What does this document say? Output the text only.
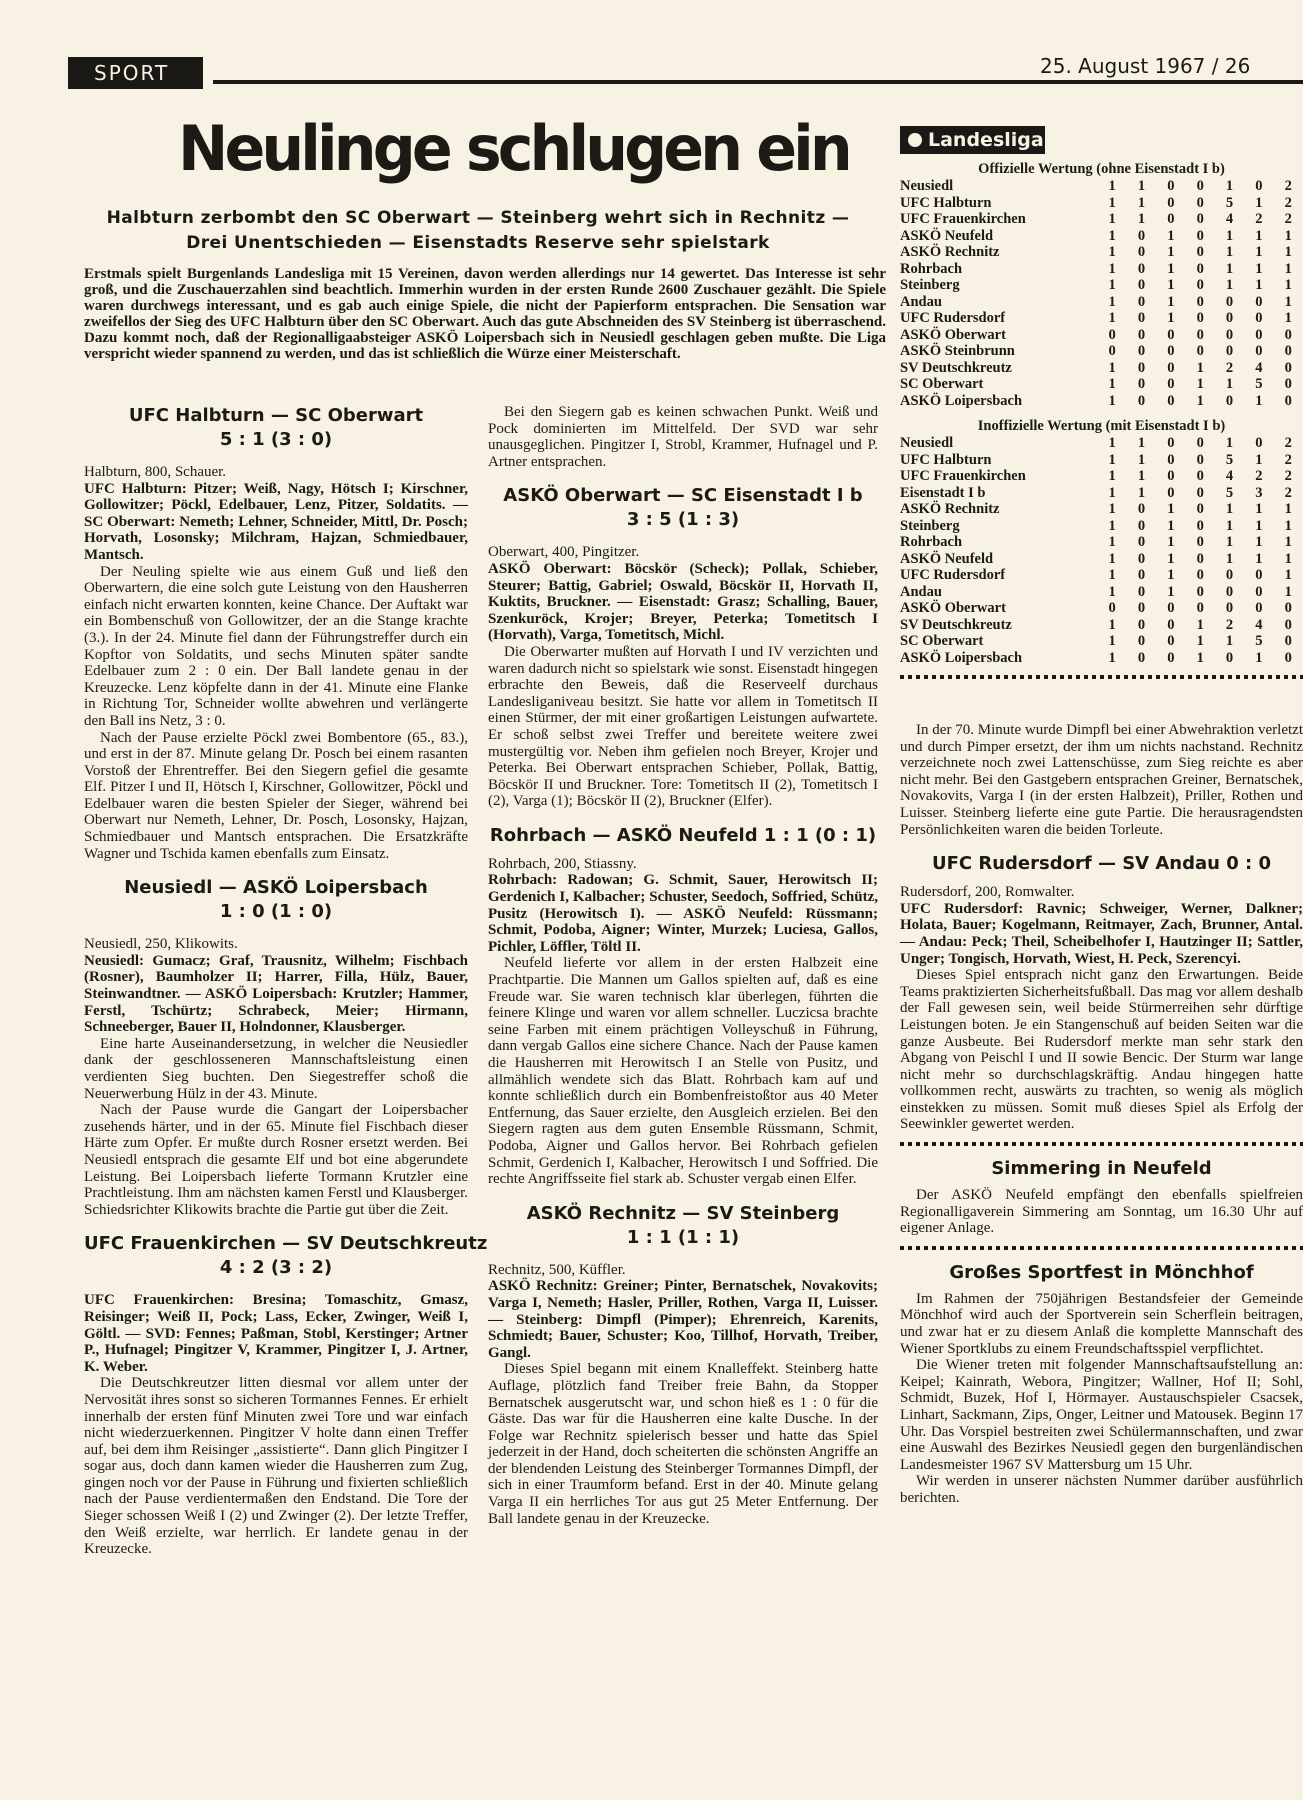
SPORT	25. August 1967 / 26
Neulinge schlugen ein
Halbturn zerbombt den SC Oberwart — Steinberg wehrt sich in Rechnitz —
Drei Unentschieden — Eisenstadts Reserve sehr spielstark

Erstmals spielt Burgenlands Landesliga mit 15 Vereinen, davon werden allerdings nur 14 gewertet. Das Interesse ist sehr groß, und die Zuschauerzahlen sind beachtlich. Immerhin wurden in der ersten Runde 2600 Zuschauer gezählt. Die Spiele waren durchwegs interessant, und es gab auch einige Spiele, die nicht der Papierform entsprachen. Die Sensation war zweifellos der Sieg des UFC Halbturn über den SC Oberwart. Auch das gute Abschneiden des SV Steinberg ist überraschend. Dazu kommt noch, daß der Regionalligaabsteiger ASKÖ Loipersbach sich in Neusiedl geschlagen geben mußte. Die Liga verspricht wieder spannend zu werden, und das ist schließlich die Würze einer Meisterschaft.

UFC Halbturn — SC Oberwart
5 : 1 (3 : 0)

Halbturn, 800, Schauer.

UFC Halbturn: Pitzer; Weiß, Nagy, Hötsch I; Kirschner, Gollowitzer; Pöckl, Edelbauer, Lenz, Pitzer, Soldatits. — SC Oberwart: Nemeth; Lehner, Schneider, Mittl, Dr. Posch; Horvath, Losonsky; Milchram, Hajzan, Schmiedbauer, Mantsch.

Der Neuling spielte wie aus einem Guß und ließ den Oberwartern, die eine solch gute Leistung von den Hausherren einfach nicht erwarten konnten, keine Chance. Der Auftakt war ein Bombenschuß von Gollowitzer, der an die Stange krachte (3.). In der 24. Minute fiel dann der Führungstreffer durch ein Kopftor von Soldatits, und sechs Minuten später sandte Edelbauer zum 2 : 0 ein. Der Ball landete genau in der Kreuzecke. Lenz köpfelte dann in der 41. Minute eine Flanke in Richtung Tor, Schneider wollte abwehren und verlängerte den Ball ins Netz, 3 : 0.

Nach der Pause erzielte Pöckl zwei Bombentore (65., 83.), und erst in der 87. Minute gelang Dr. Posch bei einem rasanten Vorstoß der Ehrentreffer. Bei den Siegern gefiel die gesamte Elf. Pitzer I und II, Hötsch I, Kirschner, Gollowitzer, Pöckl und Edelbauer waren die besten Spieler der Sieger, während bei Oberwart nur Nemeth, Lehner, Dr. Posch, Losonsky, Hajzan, Schmiedbauer und Mantsch entsprachen. Die Ersatzkräfte Wagner und Tschida kamen ebenfalls zum Einsatz.

Neusiedl — ASKÖ Loipersbach
1 : 0 (1 : 0)

Neusiedl, 250, Klikowits.

Neusiedl: Gumacz; Graf, Trausnitz, Wilhelm; Fischbach (Rosner), Baumholzer II; Harrer, Filla, Hülz, Bauer, Steinwandtner. — ASKÖ Loipersbach: Krutzler; Hammer, Ferstl, Tschürtz; Schrabeck, Meier; Hirmann, Schneeberger, Bauer II, Holndonner, Klausberger.

Eine harte Auseinandersetzung, in welcher die Neusiedler dank der geschlosseneren Mannschaftsleistung einen verdienten Sieg buchten. Den Siegestreffer schoß die Neuerwerbung Hülz in der 43. Minute.

Nach der Pause wurde die Gangart der Loipersbacher zusehends härter, und in der 65. Minute fiel Fischbach dieser Härte zum Opfer. Er mußte durch Rosner ersetzt werden. Bei Neusiedl entsprach die gesamte Elf und bot eine abgerundete Leistung. Bei Loipersbach lieferte Tormann Krutzler eine Prachtleistung. Ihm am nächsten kamen Ferstl und Klausberger. Schiedsrichter Klikowits brachte die Partie gut über die Zeit.

UFC Frauenkirchen — SV Deutschkreutz
4 : 2 (3 : 2)

UFC Frauenkirchen: Bresina; Tomaschitz, Gmasz, Reisinger; Weiß II, Pock; Lass, Ecker, Zwinger, Weiß I, Göltl. — SVD: Fennes; Paßman, Stobl, Kerstinger; Artner P., Hufnagel; Pingitzer V, Krammer, Pingitzer I, J. Artner, K. Weber.

Die Deutschkreutzer litten diesmal vor allem unter der Nervosität ihres sonst so sicheren Tormannes Fennes. Er erhielt innerhalb der ersten fünf Minuten zwei Tore und war einfach nicht wiederzuerkennen. Pingitzer V holte dann einen Treffer auf, bei dem ihm Reisinger „assistierte“. Dann glich Pingitzer I sogar aus, doch dann kamen wieder die Hausherren zum Zug, gingen noch vor der Pause in Führung und fixierten schließlich nach der Pause verdientermaßen den Endstand. Die Tore der Sieger schossen Weiß I (2) und Zwinger (2). Der letzte Treffer, den Weiß erzielte, war herrlich. Er landete genau in der Kreuzecke.

Bei den Siegern gab es keinen schwachen Punkt. Weiß und Pock dominierten im Mittelfeld. Der SVD war sehr unausgeglichen. Pingitzer I, Strobl, Krammer, Hufnagel und P. Artner entsprachen.

ASKÖ Oberwart — SC Eisenstadt I b
3 : 5 (1 : 3)

Oberwart, 400, Pingitzer.

ASKÖ Oberwart: Böcskör (Scheck); Pollak, Schieber, Steurer; Battig, Gabriel; Oswald, Böcskör II, Horvath II, Kuktits, Bruckner. — Eisenstadt: Grasz; Schalling, Bauer, Szenkuröck, Krojer; Breyer, Peterka; Tometitsch I (Horvath), Varga, Tometitsch, Michl.

Die Oberwarter mußten auf Horvath I und IV verzichten und waren dadurch nicht so spielstark wie sonst. Eisenstadt hingegen erbrachte den Beweis, daß die Reserveelf durchaus Landesliganiveau besitzt. Sie hatte vor allem in Tometitsch II einen Stürmer, der mit einer großartigen Leistungen aufwartete. Er schoß selbst zwei Treffer und bereitete weitere zwei mustergültig vor. Neben ihm gefielen noch Breyer, Krojer und Peterka. Bei Oberwart entsprachen Schieber, Pollak, Battig, Böcskör II und Bruckner. Tore: Tometitsch II (2), Tometitsch I (2), Varga (1); Böcskör II (2), Bruckner (Elfer).

Rohrbach — ASKÖ Neufeld 1 : 1 (0 : 1)

Rohrbach, 200, Stiassny.

Rohrbach: Radowan; G. Schmit, Sauer, Herowitsch II; Gerdenich I, Kalbacher; Schuster, Seedoch, Soffried, Schütz, Pusitz (Herowitsch I). — ASKÖ Neufeld: Rüssmann; Schmit, Podoba, Aigner; Winter, Murzek; Luciesa, Gallos, Pichler, Löffler, Töltl II.

Neufeld lieferte vor allem in der ersten Halbzeit eine Prachtpartie. Die Mannen um Gallos spielten auf, daß es eine Freude war. Sie waren technisch klar überlegen, führten die feinere Klinge und waren vor allem schneller. Luczicsa brachte seine Farben mit einem prächtigen Volleyschuß in Führung, dann vergab Gallos eine sichere Chance. Nach der Pause kamen die Hausherren mit Herowitsch I an Stelle von Pusitz, und allmählich wendete sich das Blatt. Rohrbach kam auf und konnte schließlich durch ein Bombenfreistoßtor aus 40 Meter Entfernung, das Sauer erzielte, den Ausgleich erzielen. Bei den Siegern ragten aus dem guten Ensemble Rüssmann, Schmit, Podoba, Aigner und Gallos hervor. Bei Rohrbach gefielen Schmit, Gerdenich I, Kalbacher, Herowitsch I und Soffried. Die rechte Angriffsseite fiel stark ab. Schuster vergab einen Elfer.

ASKÖ Rechnitz — SV Steinberg
1 : 1 (1 : 1)

Rechnitz, 500, Küffler.

ASKÖ Rechnitz: Greiner; Pinter, Bernatschek, Novakovits; Varga I, Nemeth; Hasler, Priller, Rothen, Varga II, Luisser. — Steinberg: Dimpfl (Pimper); Ehrenreich, Karenits, Schmiedt; Bauer, Schuster; Koo, Tillhof, Horvath, Treiber, Gangl.

Dieses Spiel begann mit einem Knalleffekt. Steinberg hatte Auflage, plötzlich fand Treiber freie Bahn, da Stopper Bernatschek ausgerutscht war, und schon hieß es 1 : 0 für die Gäste. Das war für die Hausherren eine kalte Dusche. In der Folge war Rechnitz spielerisch besser und hatte das Spiel jederzeit in der Hand, doch scheiterten die schönsten Angriffe an der blendenden Leistung des Steinberger Tormannes Dimpfl, der sich in einer Traumform befand. Erst in der 40. Minute gelang Varga II ein herrliches Tor aus gut 25 Meter Entfernung. Der Ball landete genau in der Kreuzecke.

Landesliga
Offizielle Wertung (ohne Eisenstadt I b)
Neusiedl	1	1	0	0	1	0	2
UFC Halbturn	1	1	0	0	5	1	2
UFC Frauenkirchen	1	1	0	0	4	2	2
ASKÖ Neufeld	1	0	1	0	1	1	1
ASKÖ Rechnitz	1	0	1	0	1	1	1
Rohrbach	1	0	1	0	1	1	1
Steinberg	1	0	1	0	1	1	1
Andau	1	0	1	0	0	0	1
UFC Rudersdorf	1	0	1	0	0	0	1
ASKÖ Oberwart	0	0	0	0	0	0	0
ASKÖ Steinbrunn	0	0	0	0	0	0	0
SV Deutschkreutz	1	0	0	1	2	4	0
SC Oberwart	1	0	0	1	1	5	0
ASKÖ Loipersbach	1	0	0	1	0	1	0
Inoffizielle Wertung (mit Eisenstadt I b)
Neusiedl	1	1	0	0	1	0	2
UFC Halbturn	1	1	0	0	5	1	2
UFC Frauenkirchen	1	1	0	0	4	2	2
Eisenstadt I b	1	1	0	0	5	3	2
ASKÖ Rechnitz	1	0	1	0	1	1	1
Steinberg	1	0	1	0	1	1	1
Rohrbach	1	0	1	0	1	1	1
ASKÖ Neufeld	1	0	1	0	1	1	1
UFC Rudersdorf	1	0	1	0	0	0	1
Andau	1	0	1	0	0	0	1
ASKÖ Oberwart	0	0	0	0	0	0	0
SV Deutschkreutz	1	0	0	1	2	4	0
SC Oberwart	1	0	0	1	1	5	0
ASKÖ Loipersbach	1	0	0	1	0	1	0

In der 70. Minute wurde Dimpfl bei einer Abwehraktion verletzt und durch Pimper ersetzt, der ihm um nichts nachstand. Rechnitz verzeichnete noch zwei Lattenschüsse, zum Sieg reichte es aber nicht mehr. Bei den Gastgebern entsprachen Greiner, Bernatschek, Novakovits, Varga I (in der ersten Halbzeit), Priller, Rothen und Luisser. Steinberg lieferte eine gute Partie. Die herausragendsten Persönlichkeiten waren die beiden Torleute.

UFC Rudersdorf — SV Andau 0 : 0

Rudersdorf, 200, Romwalter.

UFC Rudersdorf: Ravnic; Schweiger, Werner, Dalkner; Holata, Bauer; Kogelmann, Reitmayer, Zach, Brunner, Antal. — Andau: Peck; Theil, Scheibelhofer I, Hautzinger II; Sattler, Unger; Tongisch, Horvath, Wiest, H. Peck, Szerencyi.

Dieses Spiel entsprach nicht ganz den Erwartungen. Beide Teams praktizierten Sicherheitsfußball. Das mag vor allem deshalb der Fall gewesen sein, weil beide Stürmerreihen sehr dürftige Leistungen boten. Je ein Stangenschuß auf beiden Seiten war die ganze Ausbeute. Bei Rudersdorf merkte man sehr stark den Abgang von Peischl I und II sowie Bencic. Der Sturm war lange nicht mehr so durchschlagskräftig. Andau hingegen hatte vollkommen recht, auswärts zu trachten, so wenig als möglich einstekken zu müssen. Somit muß dieses Spiel als Erfolg der Seewinkler gewertet werden.

Simmering in Neufeld

Der ASKÖ Neufeld empfängt den ebenfalls spielfreien Regionalligaverein Simmering am Sonntag, um 16.30 Uhr auf eigener Anlage.

Großes Sportfest in Mönchhof

Im Rahmen der 750jährigen Bestandsfeier der Gemeinde Mönchhof wird auch der Sportverein sein Scherflein beitragen, und zwar hat er zu diesem Anlaß die komplette Mannschaft des Wiener Sportklubs zu einem Freundschaftsspiel verpflichtet.

Die Wiener treten mit folgender Mannschaftsaufstellung an: Keipel; Kainrath, Webora, Pingitzer; Wallner, Hof II; Sohl, Schmidt, Buzek, Hof I, Hörmayer. Austauschspieler Csacsek, Linhart, Sackmann, Zips, Onger, Leitner und Matousek. Beginn 17 Uhr. Das Vorspiel bestreiten zwei Schülermannschaften, und zwar eine Auswahl des Bezirkes Neusiedl gegen den burgenländischen Landesmeister 1967 SV Mattersburg um 15 Uhr.

Wir werden in unserer nächsten Nummer darüber ausführlich berichten.
